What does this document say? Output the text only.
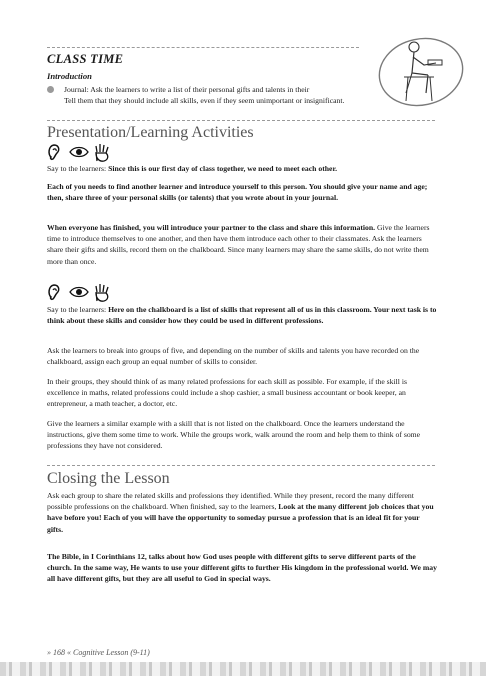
CLASS TIME
Introduction
Journal: Ask the learners to write a list of their personal gifts and talents in their
Tell them that they should include all skills, even if they seem unimportant or insignificant.
Presentation/Learning Activities

Say to the learners: Since this is our first day of class together, we need to meet each other.

Each of you needs to find another learner and introduce yourself to this person. You should give your name and age; then, share three of your personal skills (or talents) that you wrote about in your journal.

When everyone has finished, you will introduce your partner to the class and share this information. Give the learners time to introduce themselves to one another, and then have them introduce each other to their classmates. Ask the learners share their gifts and skills, record them on the chalkboard. Since many learners may share the same skills, do not write them more than once.

Say to the learners: Here on the chalkboard is a list of skills that represent all of us in this classroom. Your next task is to think about these skills and consider how they could be used in different professions.

Ask the learners to break into groups of five, and depending on the number of skills and talents you have recorded on the chalkboard, assign each group an equal number of skills to consider.

In their groups, they should think of as many related professions for each skill as possible. For example, if the skill is excellence in maths, related professions could include a shop cashier, a small business accountant or book keeper, an entrepreneur, a math teacher, a doctor, etc.

Give the learners a similar example with a skill that is not listed on the chalkboard. Once the learners understand the instructions, give them some time to work. While the groups work, walk around the room and help them to think of some professions they have not considered.

Closing the Lesson

Ask each group to share the related skills and professions they identified. While they present, record the many different possible professions on the chalkboard. When finished, say to the learners, Look at the many different job choices that you have before you! Each of you will have the opportunity to someday pursue a profession that is an ideal fit for your gifts.

The Bible, in I Corinthians 12, talks about how God uses people with different gifts to serve different parts of the church. In the same way, He wants to use your different gifts to further His kingdom in the professional world. We may all have different gifts, but they are all useful to God in special ways.

» 168 « Cognitive Lesson (9-11)
